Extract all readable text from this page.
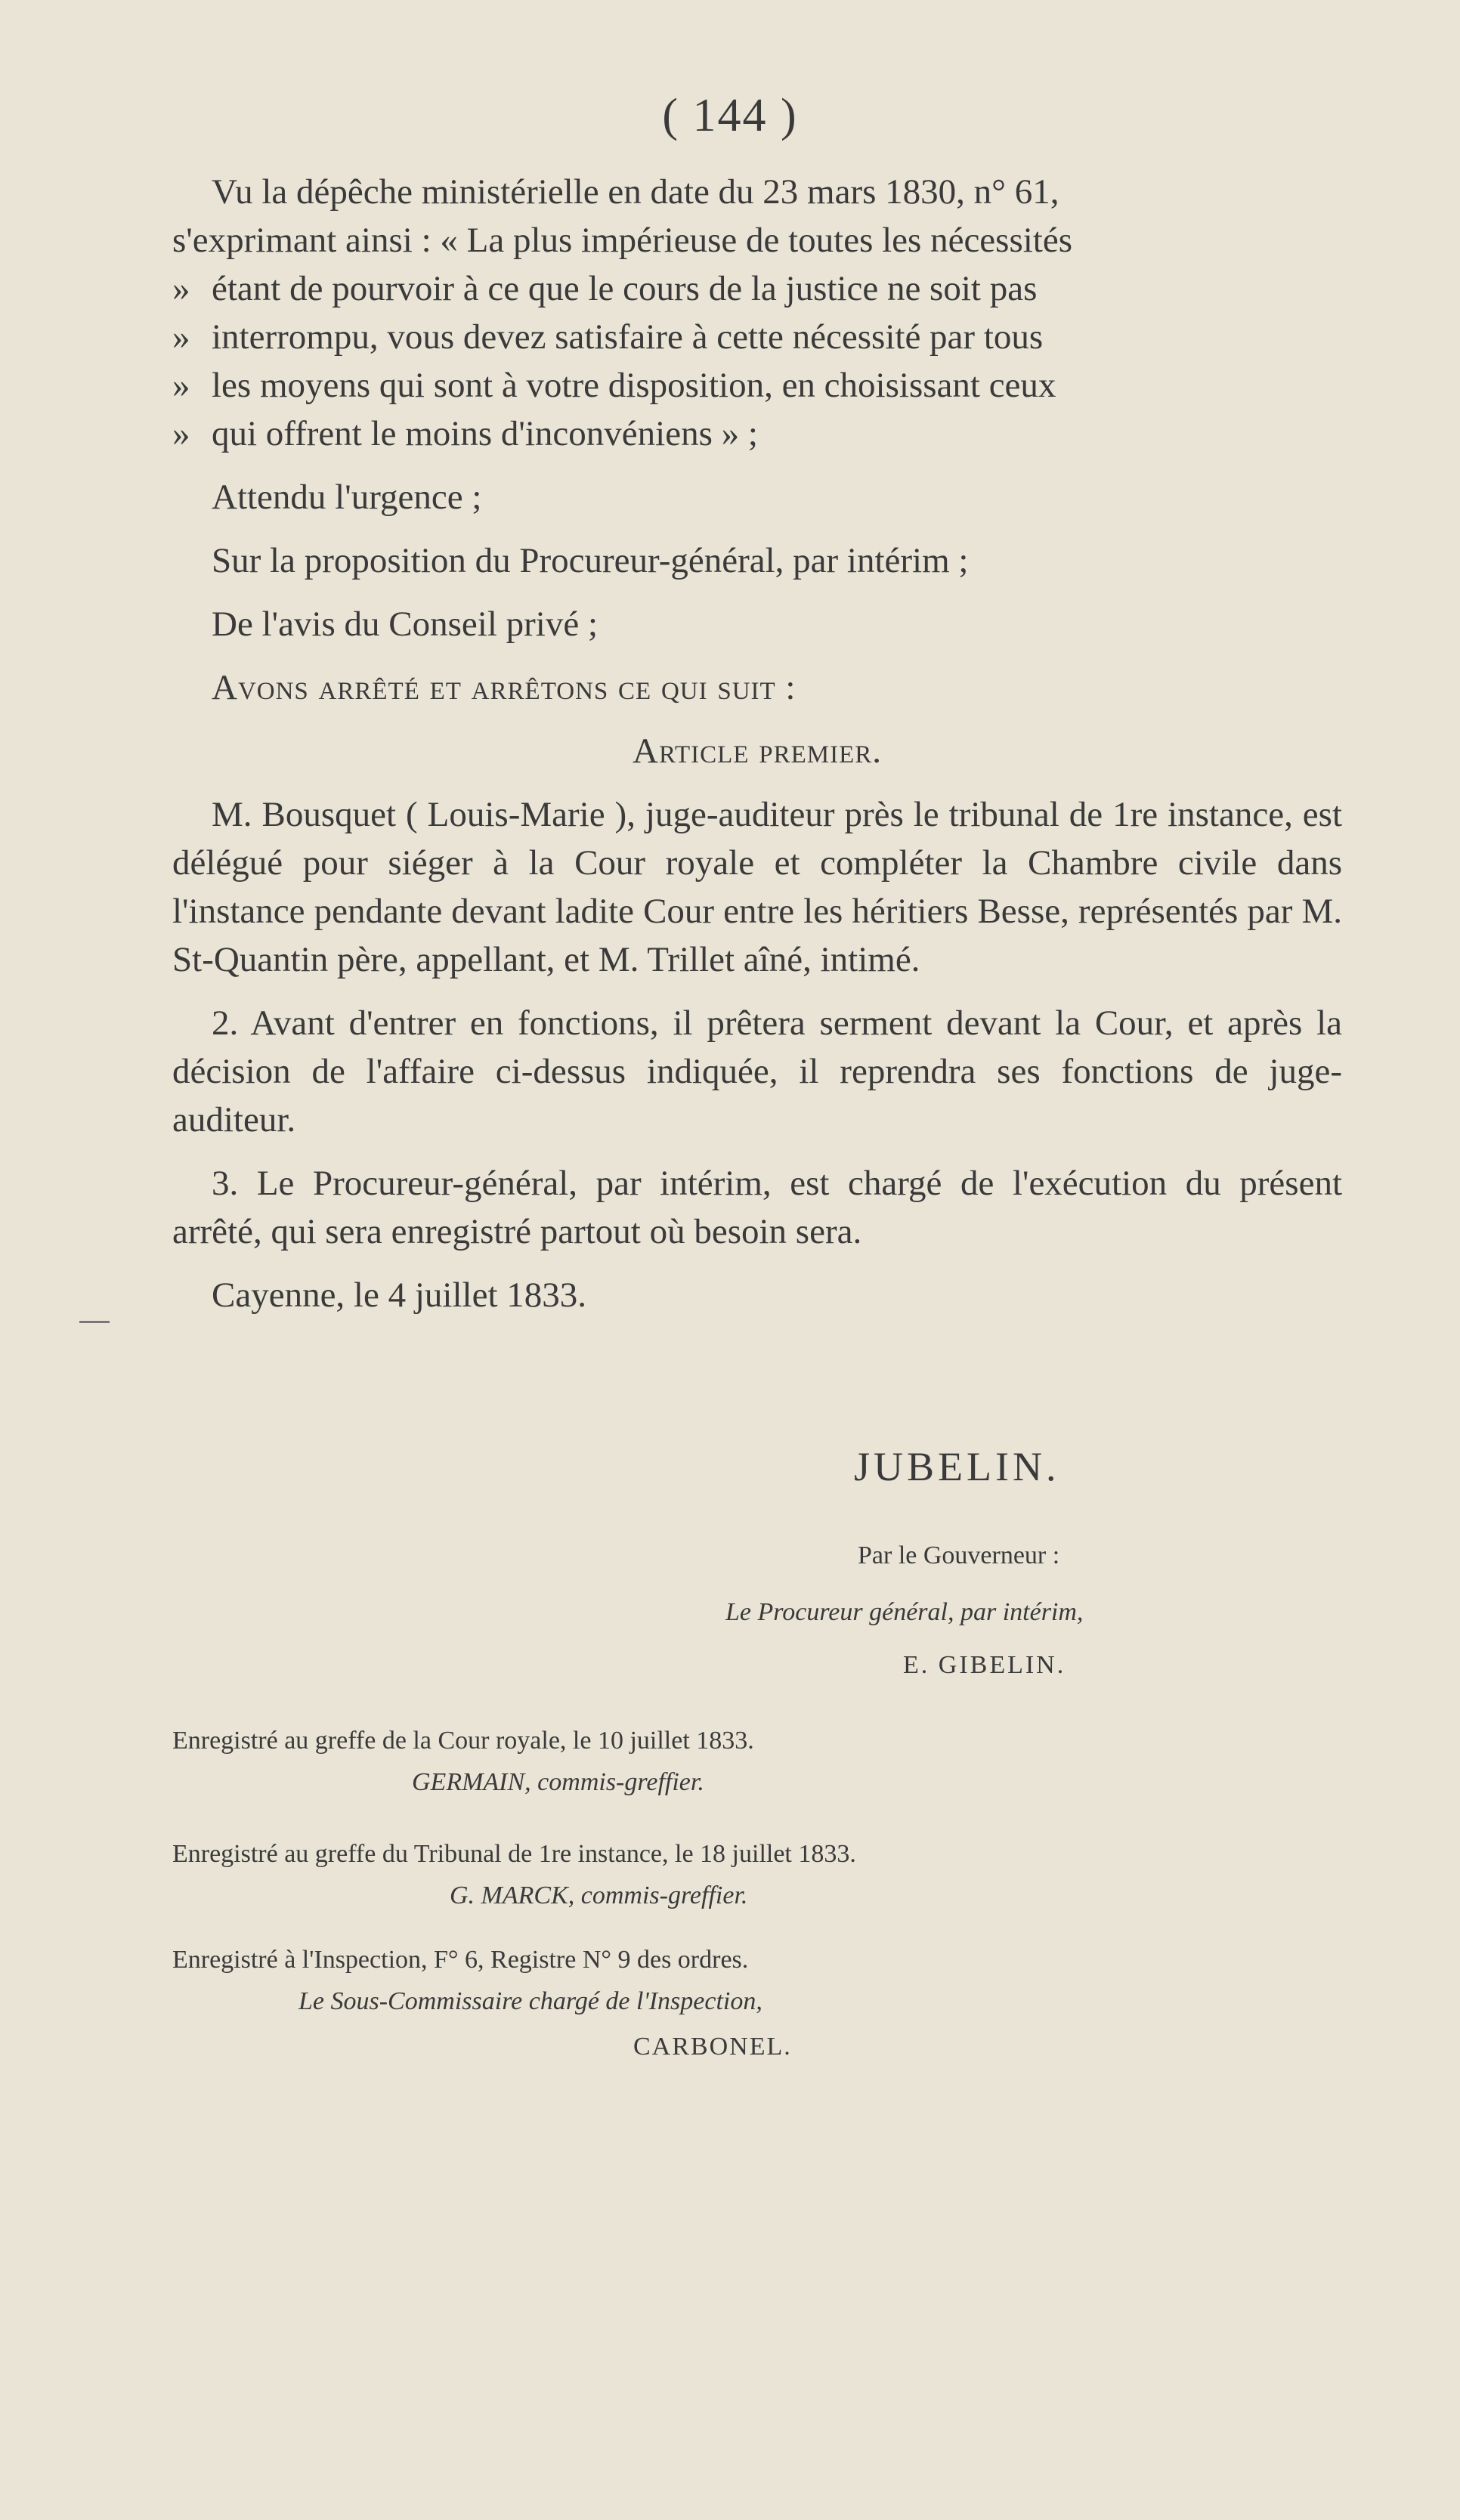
( 144 )
Vu la dépêche ministérielle en date du 23 mars 1830, n° 61,
s'exprimant ainsi : « La plus impérieuse de toutes les nécessités
» étant de pourvoir à ce que le cours de la justice ne soit pas
» interrompu, vous devez satisfaire à cette nécessité par tous
» les moyens qui sont à votre disposition, en choisissant ceux
» qui offrent le moins d'inconvéniens » ;
Attendu l'urgence ;
Sur la proposition du Procureur-général, par intérim ;
De l'avis du Conseil privé ;
Avons arrêté et arrêtons ce qui suit :
Article premier.
M. Bousquet ( Louis-Marie ), juge-auditeur près le tribunal de 1re instance, est délégué pour siéger à la Cour royale et compléter la Chambre civile dans l'instance pendante devant ladite Cour entre les héritiers Besse, représentés par M. St-Quantin père, appellant, et M. Trillet aîné, intimé.
2. Avant d'entrer en fonctions, il prêtera serment devant la Cour, et après la décision de l'affaire ci-dessus indiquée, il reprendra ses fonctions de juge-auditeur.
3. Le Procureur-général, par intérim, est chargé de l'exécution du présent arrêté, qui sera enregistré partout où besoin sera.
Cayenne, le 4 juillet 1833.
JUBELIN.
Par le Gouverneur :
Le Procureur général, par intérim,
E. GIBELIN.
Enregistré au greffe de la Cour royale, le 10 juillet 1833.
GERMAIN, commis-greffier.
Enregistré au greffe du Tribunal de 1re instance, le 18 juillet 1833.
G. MARCK, commis-greffier.
Enregistré à l'Inspection, F° 6, Registre N° 9 des ordres.
Le Sous-Commissaire chargé de l'Inspection,
CARBONEL.
